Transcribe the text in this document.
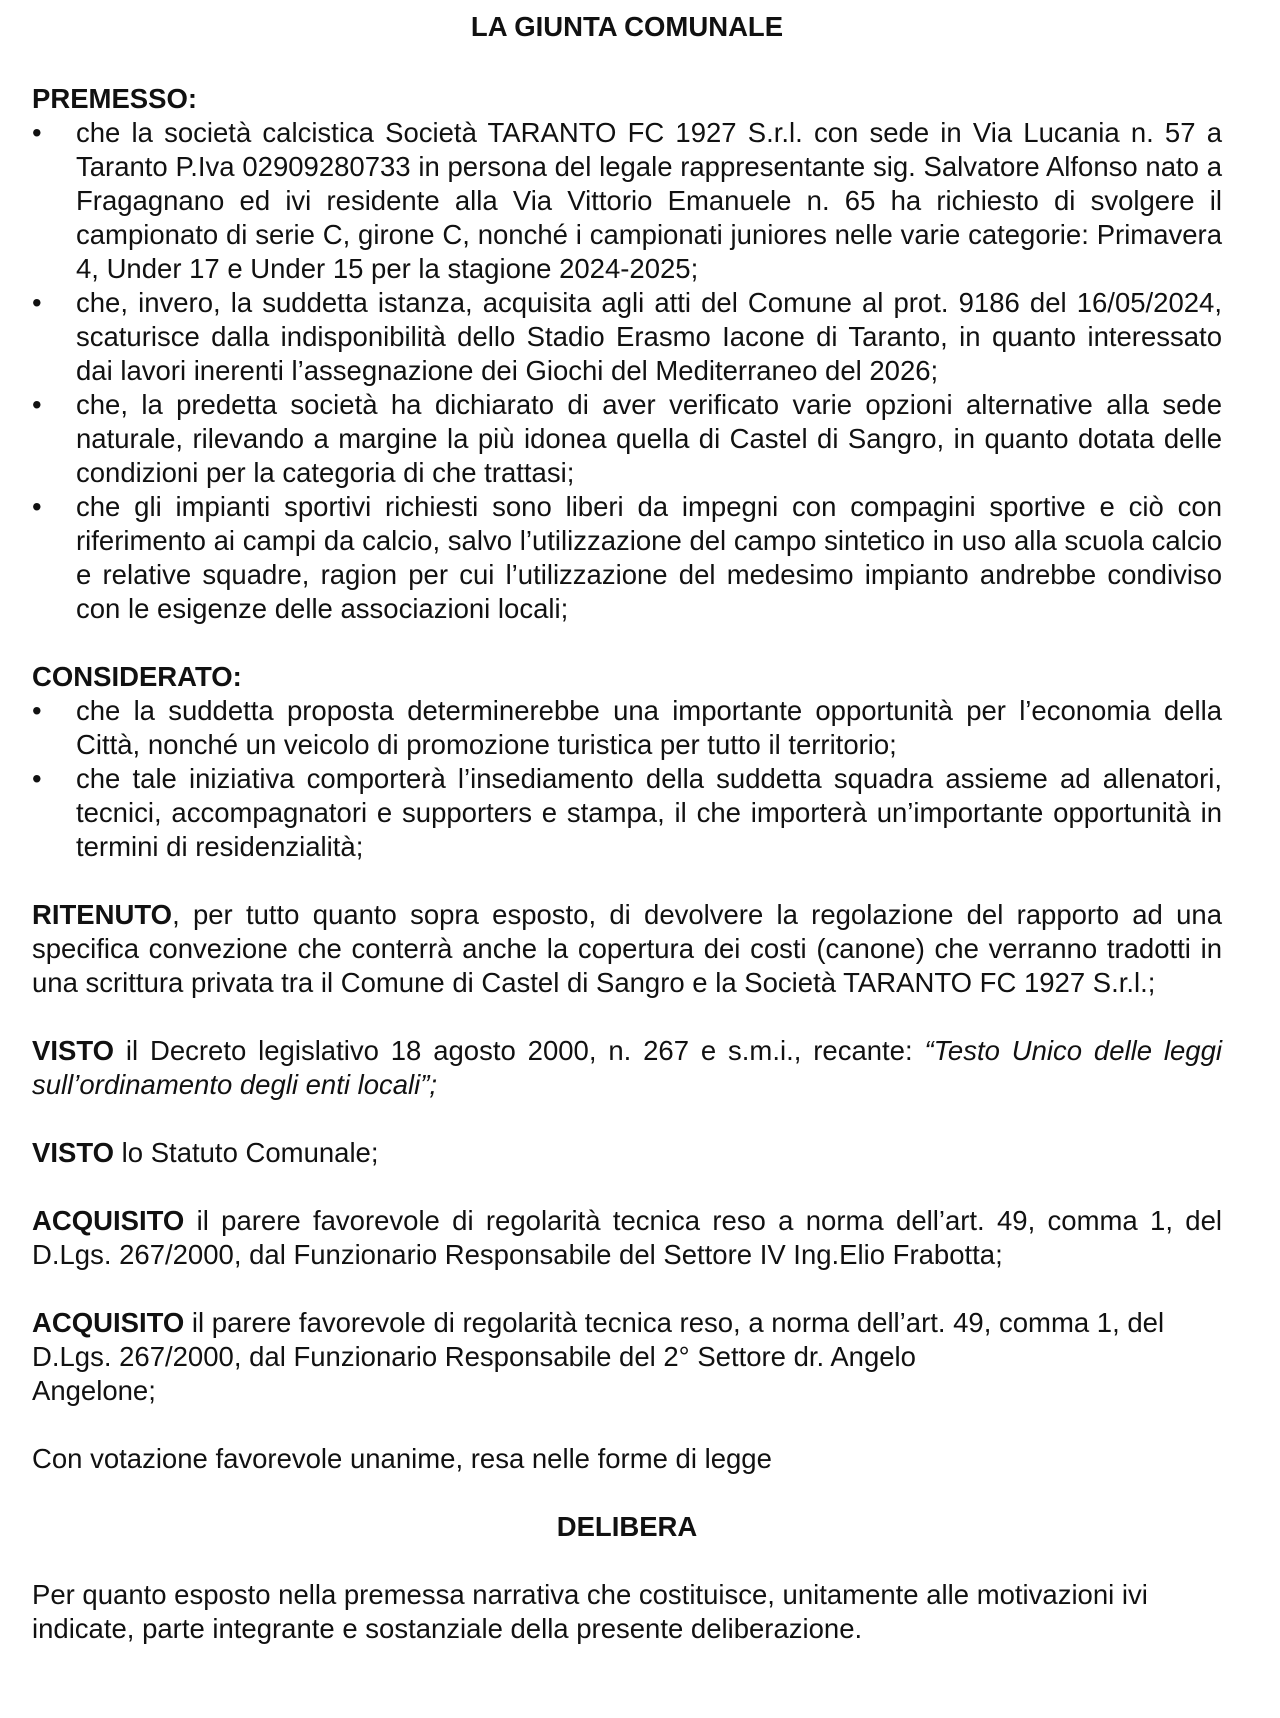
LA GIUNTA COMUNALE

PREMESSO:

• che la società calcistica Società TARANTO FC 1927 S.r.l. con sede in Via Lucania n. 57 a Taranto P.Iva 02909280733 in persona del legale rappresentante sig. Salvatore Alfonso nato a Fragagnano ed ivi residente alla Via Vittorio Emanuele n. 65 ha richiesto di svolgere il campionato di serie C, girone C, nonché i campionati juniores nelle varie categorie: Primavera 4, Under 17 e Under 15 per la stagione 2024-2025;
• che, invero, la suddetta istanza, acquisita agli atti del Comune al prot. 9186 del 16/05/2024, scaturisce dalla indisponibilità dello Stadio Erasmo Iacone di Taranto, in quanto interessato dai lavori inerenti l’assegnazione dei Giochi del Mediterraneo del 2026;
• che, la predetta società ha dichiarato di aver verificato varie opzioni alternative alla sede naturale, rilevando a margine la più idonea quella di Castel di Sangro, in quanto dotata delle condizioni per la categoria di che trattasi;
• che gli impianti sportivi richiesti sono liberi da impegni con compagini sportive e ciò con riferimento ai campi da calcio, salvo l’utilizzazione del campo sintetico in uso alla scuola calcio e relative squadre, ragion per cui l’utilizzazione del medesimo impianto andrebbe condiviso con le esigenze delle associazioni locali;

CONSIDERATO:

• che la suddetta proposta determinerebbe una importante opportunità per l’economia della Città, nonché un veicolo di promozione turistica per tutto il territorio;
• che tale iniziativa comporterà l’insediamento della suddetta squadra assieme ad allenatori, tecnici, accompagnatori e supporters e stampa, il che importerà un’importante opportunità in termini di residenzialità;

RITENUTO, per tutto quanto sopra esposto, di devolvere la regolazione del rapporto ad una specifica convezione che conterrà anche la copertura dei costi (canone) che verranno tradotti in una scrittura privata tra il Comune di Castel di Sangro e la Società TARANTO FC 1927 S.r.l.;

VISTO il Decreto legislativo 18 agosto 2000, n. 267 e s.m.i., recante: “Testo Unico delle leggi sull’ordinamento degli enti locali”;

VISTO lo Statuto Comunale;

ACQUISITO il parere favorevole di regolarità tecnica reso a norma dell’art. 49, comma 1, del D.Lgs. 267/2000, dal Funzionario Responsabile del Settore IV Ing.Elio Frabotta;

ACQUISITO il parere favorevole di regolarità tecnica reso, a norma dell’art. 49, comma 1, del D.Lgs. 267/2000, dal Funzionario Responsabile del 2° Settore dr. Angelo
Angelone;

Con votazione favorevole unanime, resa nelle forme di legge

DELIBERA

Per quanto esposto nella premessa narrativa che costituisce, unitamente alle motivazioni ivi indicate, parte integrante e sostanziale della presente deliberazione.
